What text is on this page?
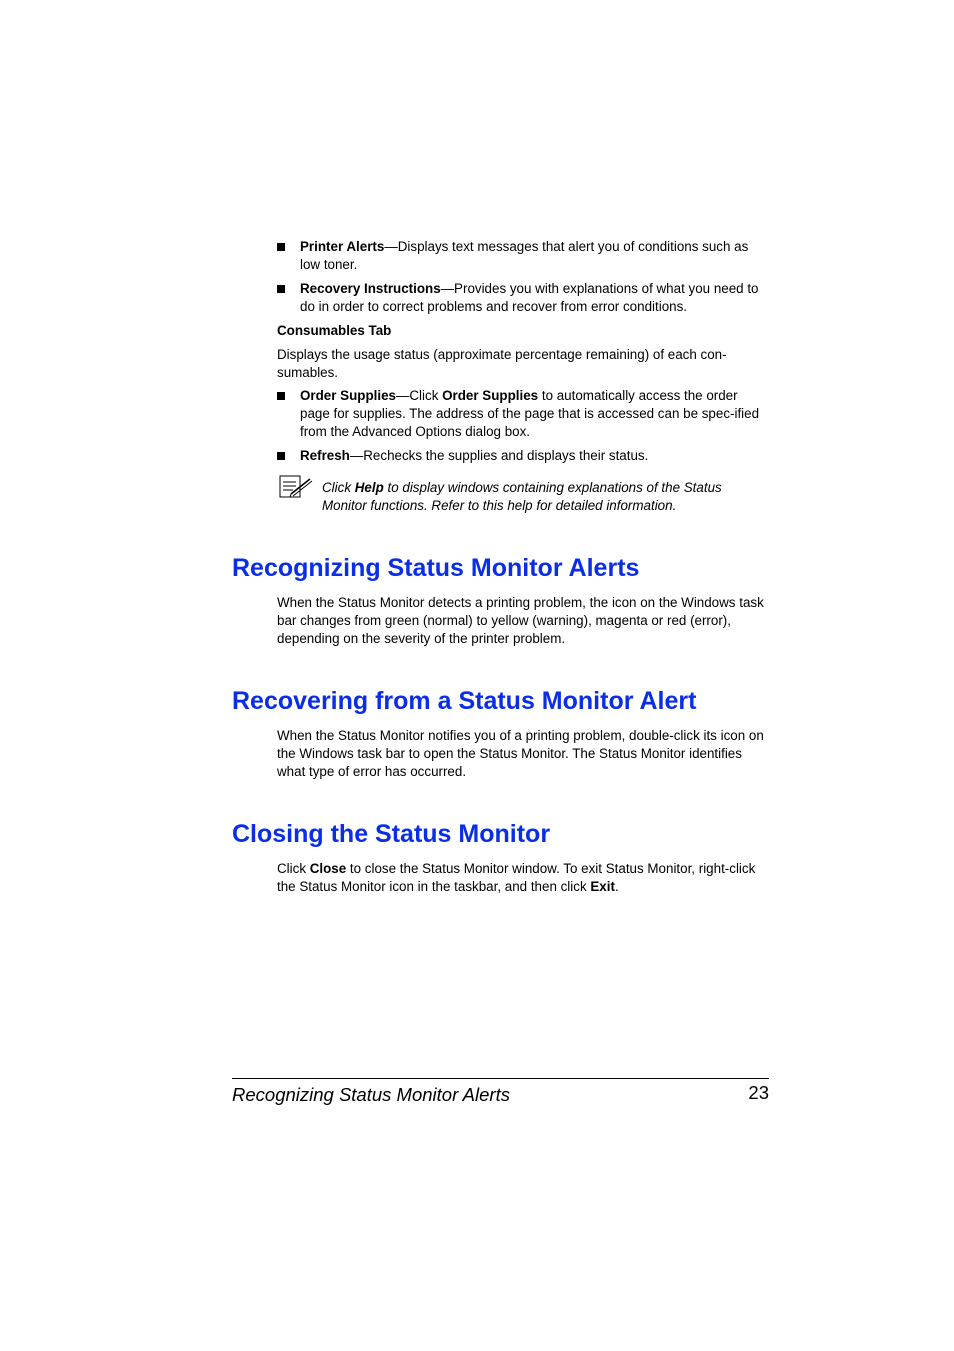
Printer Alerts—Displays text messages that alert you of conditions such as low toner.
Recovery Instructions—Provides you with explanations of what you need to do in order to correct problems and recover from error conditions.
Consumables Tab
Displays the usage status (approximate percentage remaining) of each con-sumables.
Order Supplies—Click Order Supplies to automatically access the order page for supplies. The address of the page that is accessed can be spec-ified from the Advanced Options dialog box.
Refresh—Rechecks the supplies and displays their status.
Click Help to display windows containing explanations of the Status Monitor functions. Refer to this help for detailed information.
Recognizing Status Monitor Alerts
When the Status Monitor detects a printing problem, the icon on the Windows task bar changes from green (normal) to yellow (warning), magenta or red (error), depending on the severity of the printer problem.
Recovering from a Status Monitor Alert
When the Status Monitor notifies you of a printing problem, double-click its icon on the Windows task bar to open the Status Monitor. The Status Monitor identifies what type of error has occurred.
Closing the Status Monitor
Click Close to close the Status Monitor window. To exit Status Monitor, right-click the Status Monitor icon in the taskbar, and then click Exit.
Recognizing Status Monitor Alerts	23
